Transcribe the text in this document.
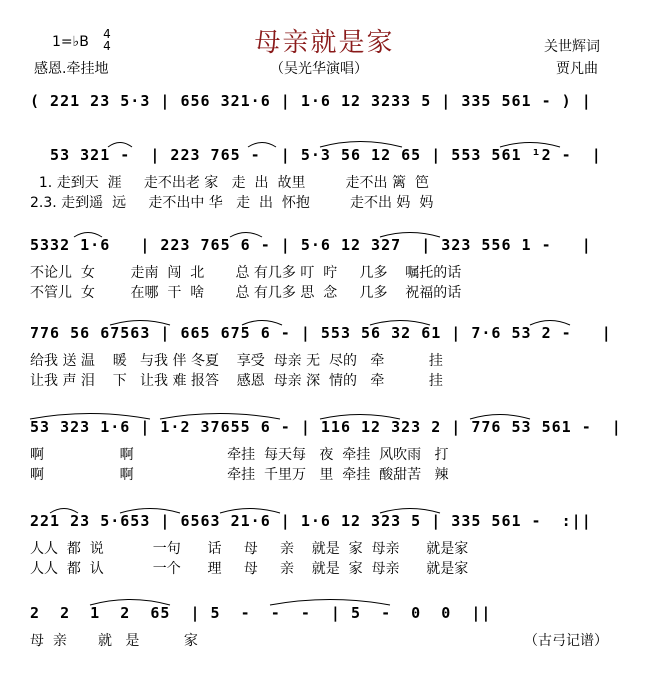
母亲就是家
1=♭B 4
4
感恩.牵挂地	（吴光华演唱）
关世辉词
贾凡曲
( 221 23 5·3 | 656 321·6 | 1·6 12 3233 5 | 335 561 - ) |
53 321 -  | 223 765 -  | 5·3 56 12 65 | 553 561 ¹2 -  |
1. 走到天  涯     走不出老 家   走  出  故里         走不出 篱  笆
2.3. 走到遥  远     走不出中 华   走  出  怀抱         走不出 妈  妈
5332 1·6   | 223 765 6 - | 5·6 12 327  | 323 556 1 -   |
不论儿  女        走南  闯  北       总 有几多 叮  咛     几多    嘱托的话
不管儿  女        在哪  干  啥       总 有几多 思  念     几多    祝福的话
776 56 67563 | 665 675 6 - | 553 56 32 61 | 7·6 53 2 -   |
给我 送 温    暖   与我 伴 冬夏    享受  母亲 无  尽的   牵          挂
让我 声 泪    下   让我 难 报答    感恩  母亲 深  情的   牵          挂
53 323 1·6 | 1·2 37655 6 - | 116 12 323 2 | 776 53 561 -  |
啊                 啊                     牵挂  每天每   夜  牵挂  风吹雨   打
啊                 啊                     牵挂  千里万   里  牵挂  酸甜苦   辣
221 23 5·653 | 6563 21·6 | 1·6 12 323 5 | 335 561 -  :||
人人  都  说           一句      话     母     亲    就是  家  母亲      就是家
人人  都  认           一个      理     母     亲    就是  家  母亲      就是家
2  2  1  2  65  | 5  -  -  -  | 5  -  0  0  ||
母  亲       就   是          家	（古弓记谱）
